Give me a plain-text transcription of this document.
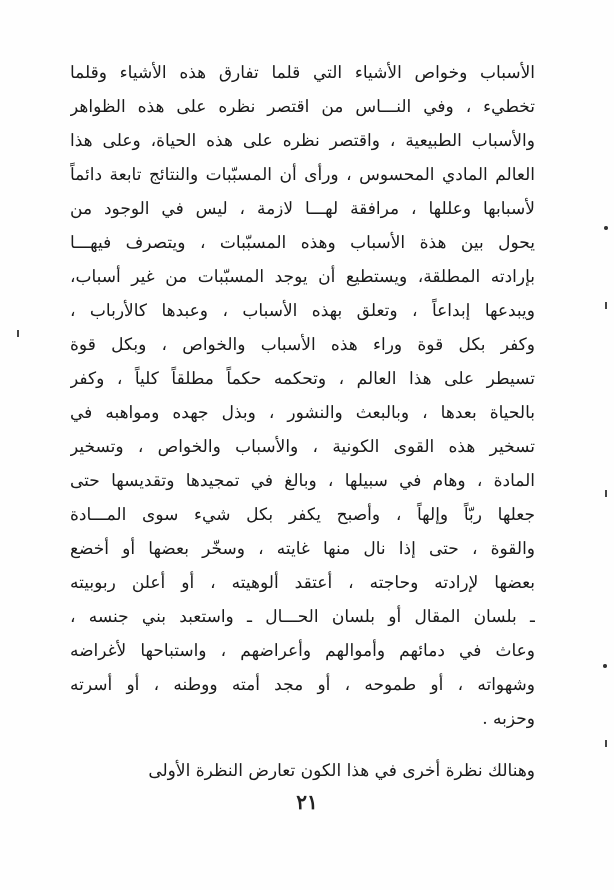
الأسباب وخواص الأشياء التي قلما تفارق هذه الأشياء وقلما
تخطيء ، وفي النـــاس من اقتصر نظره على هذه الظواهر
والأسباب الطبيعية ، واقتصر نظره على هذه الحياة، وعلى هذا
العالم المادي المحسوس ، ورأى أن المسبّبات والنتائج تابعة دائماً
لأسبابها وعللها ، مرافقة لهـــا لازمة ، ليس في الوجود من
يحول بين هذة الأسباب وهذه المسبّبات ، ويتصرف فيهـــا
بإرادته المطلقة، ويستطيع أن يوجد المسبّبات من غير أسباب،
ويبدعها إبداعاً ، وتعلق بهذه الأسباب ، وعبدها كالأرباب ،
وكفر بكل قوة وراء هذه الأسباب والخواص ، وبكل قوة
تسيطر على هذا العالم ، وتحكمه حكماً مطلقاً كلياً ، وكفر
بالحياة بعدها ، وبالبعث والنشور ، وبذل جهده ومواهبه في
تسخير هذه القوى الكونية ، والأسباب والخواص ، وتسخير
المادة ، وهام في سبيلها ، وبالغ في تمجيدها وتقديسها حتى
جعلها ربّاً وإلهاً ، وأصبح يكفر بكل شيء سوى المـــادة
والقوة ، حتى إذا نال منها غايته ، وسخّر بعضها أو أخضع
بعضها لإرادته وحاجته ، أعتقد ألوهيته ، أو أعلن ربوبيته
ـ بلسان المقال أو بلسان الحـــال ـ واستعبد بني جنسه ،
وعاث في دمائهم وأموالهم وأعراضهم ، واستباحها لأغراضه
وشهواته ، أو طموحه ، أو مجد أمته ووطنه ، أو أسرته
وحزبه .
وهنالك نظرة أخرى في هذا الكون تعارض النظرة الأولى
٢١
